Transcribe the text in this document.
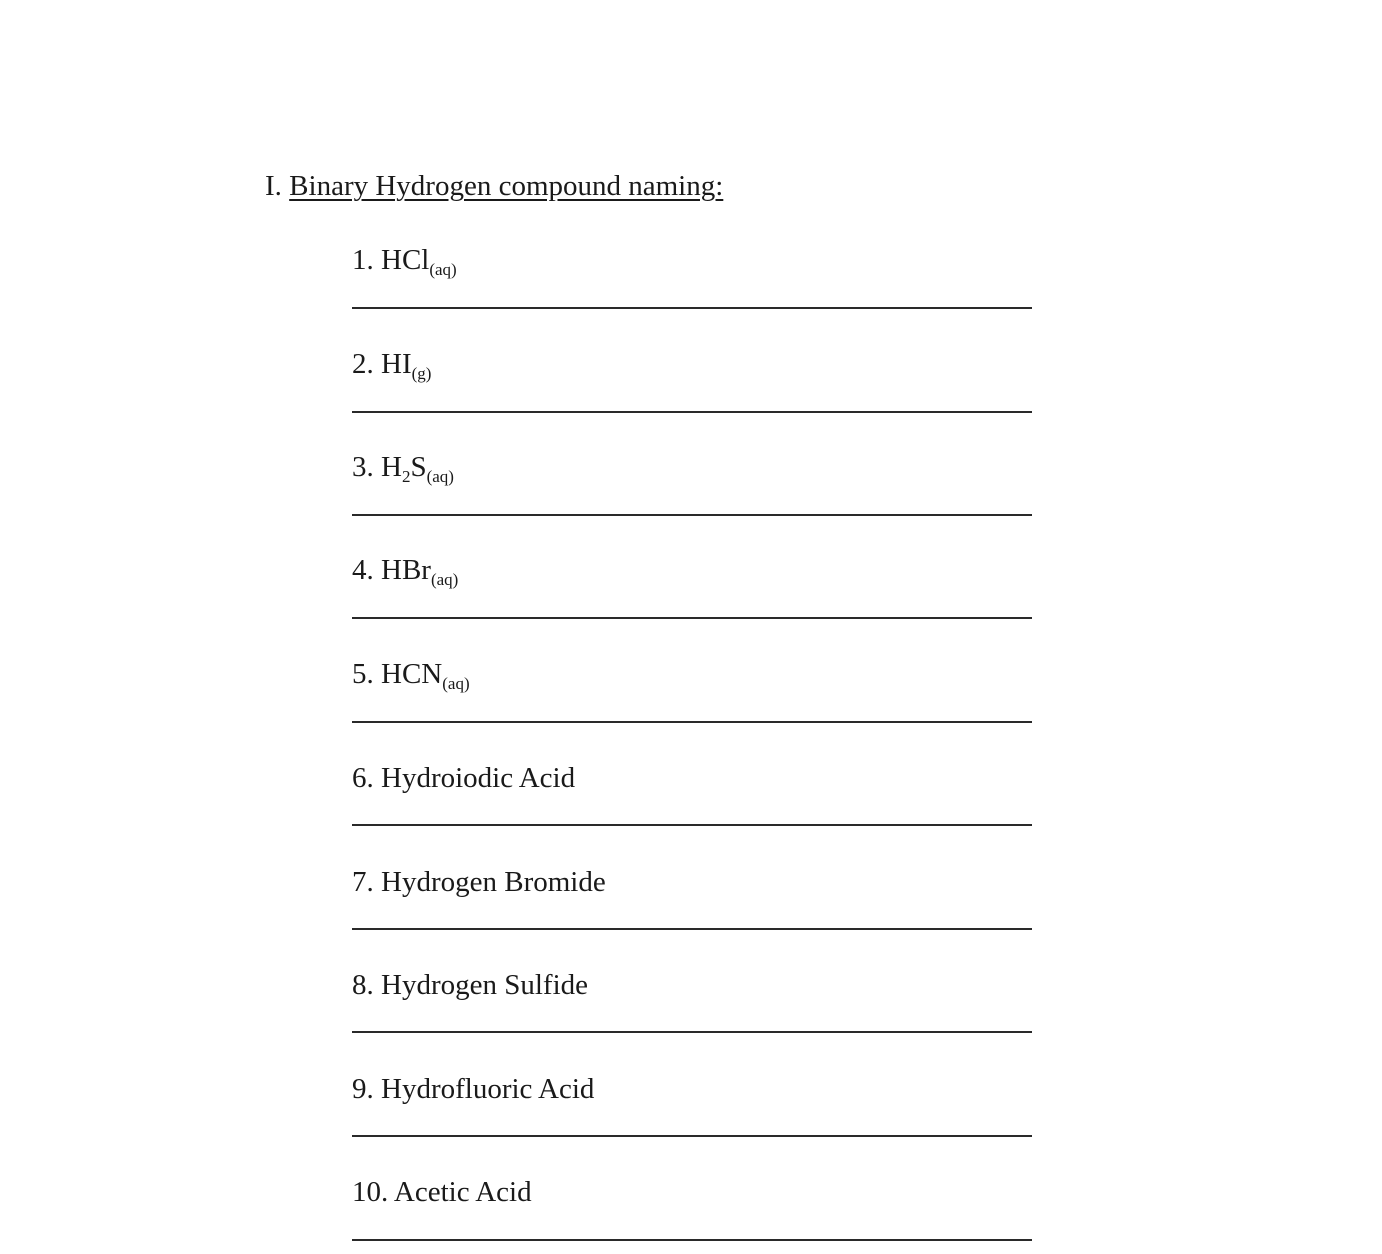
I. Binary Hydrogen compound naming:
1. HCl$_{(aq)}$
2. $HI_{(g)}$
3. $H_2S_{(aq)}$
4. HBr$_{(aq)}$
5. $HCN_{(aq)}$
6. Hydroiodic Acid
7. Hydrogen Bromide
8. Hydrogen Sulfide
9. Hydrofluoric Acid
10. Acetic Acid
